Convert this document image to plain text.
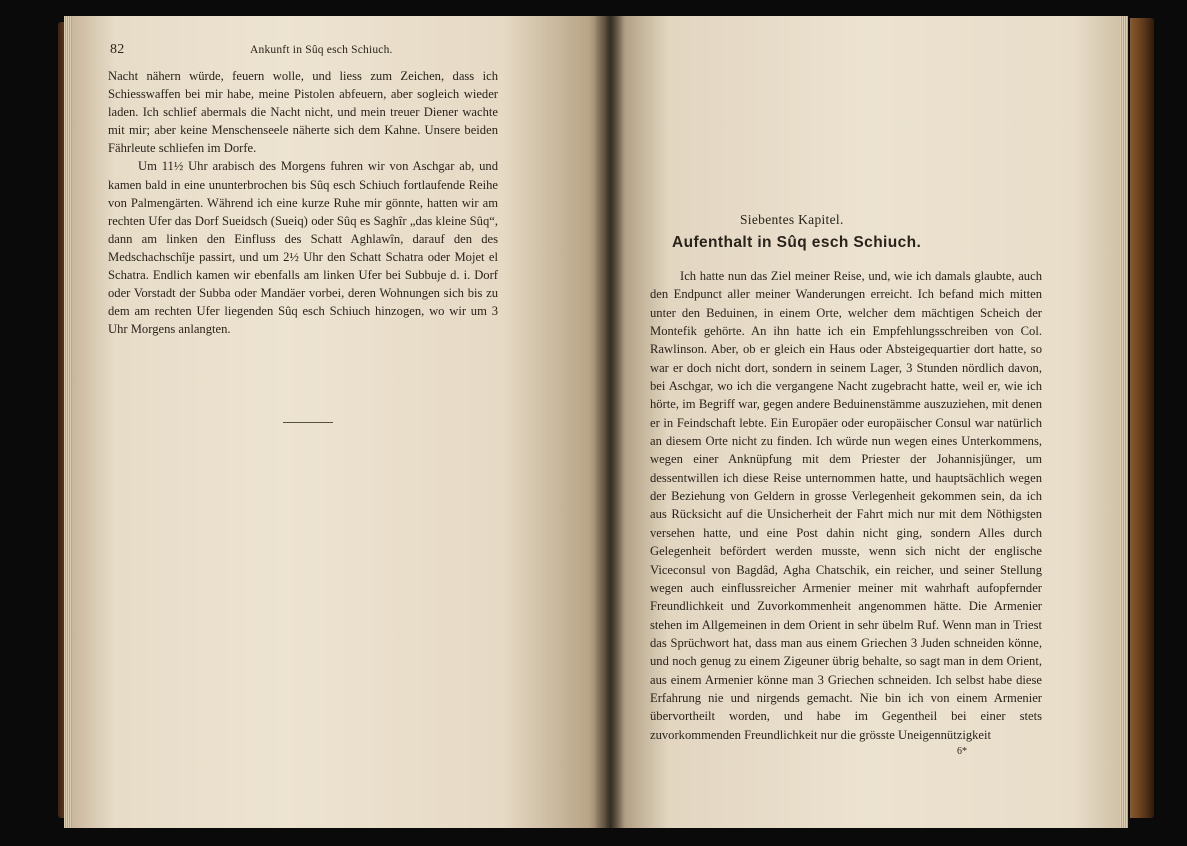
82	Ankunft in Sûq esch Schiuch.

Nacht nähern würde, feuern wolle, und liess zum Zeichen, dass ich Schiesswaffen bei mir habe, meine Pistolen abfeuern, aber sogleich wieder laden. Ich schlief abermals die Nacht nicht, und mein treuer Diener wachte mit mir; aber keine Menschenseele näherte sich dem Kahne. Unsere beiden Fährleute schliefen im Dorfe.

Um 11½ Uhr arabisch des Morgens fuhren wir von Aschgar ab, und kamen bald in eine ununterbrochen bis Sûq esch Schiuch fortlaufende Reihe von Palmengärten. Während ich eine kurze Ruhe mir gönnte, hatten wir am rechten Ufer das Dorf Sueidsch (Sueiq) oder Sûq es Saghîr „das kleine Sûq“, dann am linken den Einfluss des Schatt Aghlawîn, darauf den des Medschachschîje passirt, und um 2½ Uhr den Schatt Schatra oder Mojet el Schatra. Endlich kamen wir ebenfalls am linken Ufer bei Subbuje d. i. Dorf oder Vorstadt der Subba oder Mandäer vorbei, deren Wohnungen sich bis zu dem am rechten Ufer liegenden Sûq esch Schiuch hinzogen, wo wir um 3 Uhr Morgens anlangten.

Siebentes Kapitel.
Aufenthalt in Sûq esch Schiuch.

Ich hatte nun das Ziel meiner Reise, und, wie ich damals glaubte, auch den Endpunct aller meiner Wanderungen erreicht. Ich befand mich mitten unter den Beduinen, in einem Orte, welcher dem mächtigen Scheich der Montefik gehörte. An ihn hatte ich ein Empfehlungsschreiben von Col. Rawlinson. Aber, ob er gleich ein Haus oder Absteigequartier dort hatte, so war er doch nicht dort, sondern in seinem Lager, 3 Stunden nördlich davon, bei Aschgar, wo ich die vergangene Nacht zugebracht hatte, weil er, wie ich hörte, im Begriff war, gegen andere Beduinenstämme auszuziehen, mit denen er in Feindschaft lebte. Ein Europäer oder europäischer Consul war natürlich an diesem Orte nicht zu finden. Ich würde nun wegen eines Unterkommens, wegen einer Anknüpfung mit dem Priester der Johannisjünger, um dessentwillen ich diese Reise unternommen hatte, und hauptsächlich wegen der Beziehung von Geldern in grosse Verlegenheit gekommen sein, da ich aus Rücksicht auf die Unsicherheit der Fahrt mich nur mit dem Nöthigsten versehen hatte, und eine Post dahin nicht ging, sondern Alles durch Gelegenheit befördert werden musste, wenn sich nicht der englische Viceconsul von Bagdâd, Agha Chatschik, ein reicher, und seiner Stellung wegen auch einflussreicher Armenier meiner mit wahrhaft aufopfernder Freundlichkeit und Zuvorkommenheit angenommen hätte. Die Armenier stehen im Allgemeinen in dem Orient in sehr übelm Ruf. Wenn man in Triest das Sprüchwort hat, dass man aus einem Griechen 3 Juden schneiden könne, und noch genug zu einem Zigeuner übrig behalte, so sagt man in dem Orient, aus einem Armenier könne man 3 Griechen schneiden. Ich selbst habe diese Erfahrung nie und nirgends gemacht. Nie bin ich von einem Armenier übervortheilt worden, und habe im Gegentheil bei einer stets zuvorkommenden Freundlichkeit nur die grösste Uneigennützigkeit

6*
